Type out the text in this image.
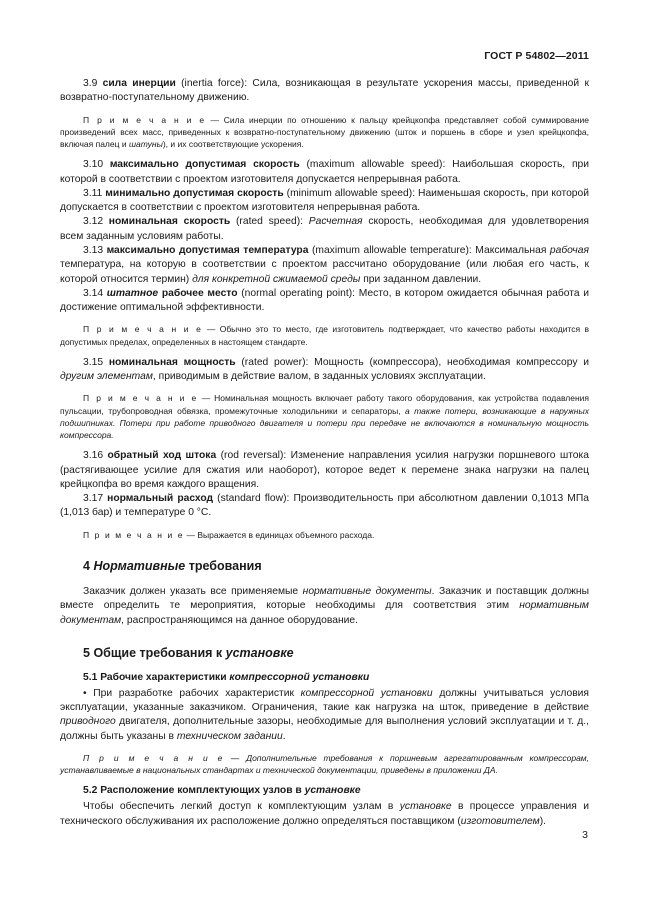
ГОСТ Р 54802—2011

3.9 сила инерции (inertia force): Сила, возникающая в результате ускорения массы, приведенной к возвратно-поступательному движению.

П р и м е ч а н и е — Сила инерции по отношению к пальцу крейцкопфа представляет собой суммирование произведений всех масс, приведенных к возвратно-поступательному движению (шток и поршень в сборе и узел крейцкопфа, включая палец и шатуны), и их соответствующие ускорения.

3.10 максимально допустимая скорость (maximum allowable speed): Наибольшая скорость, при которой в соответствии с проектом изготовителя допускается непрерывная работа.

3.11 минимально допустимая скорость (minimum allowable speed): Наименьшая скорость, при которой допускается в соответствии с проектом изготовителя непрерывная работа.

3.12 номинальная скорость (rated speed): Расчетная скорость, необходимая для удовлетворения всем заданным условиям работы.

3.13 максимально допустимая температура (maximum allowable temperature): Максимальная рабочая температура, на которую в соответствии с проектом рассчитано оборудование (или любая его часть, к которой относится термин) для конкретной сжимаемой среды при заданном давлении.

3.14 штатное рабочее место (normal operating point): Место, в котором ожидается обычная работа и достижение оптимальной эффективности.

П р и м е ч а н и е — Обычно это то место, где изготовитель подтверждает, что качество работы находится в допустимых пределах, определенных в настоящем стандарте.

3.15 номинальная мощность (rated power): Мощность (компрессора), необходимая компрессору и другим элементам, приводимым в действие валом, в заданных условиях эксплуатации.

П р и м е ч а н и е — Номинальная мощность включает работу такого оборудования, как устройства подавления пульсации, трубопроводная обвязка, промежуточные холодильники и сепараторы, а также потери, возникающие в наружных подшипниках. Потери при работе приводного двигателя и потери при передаче не включаются в номинальную мощность компрессора.

3.16 обратный ход штока (rod reversal): Изменение направления усилия нагрузки поршневого штока (растягивающее усилие для сжатия или наоборот), которое ведет к перемене знака нагрузки на палец крейцкопфа во время каждого вращения.

3.17 нормальный расход (standard flow): Производительность при абсолютном давлении 0,1013 МПа (1,013 бар) и температуре 0 °С.

П р и м е ч а н и е — Выражается в единицах объемного расхода.

4 Нормативные требования

Заказчик должен указать все применяемые нормативные документы. Заказчик и поставщик должны вместе определить те мероприятия, которые необходимы для соответствия этим нормативным документам, распространяющимся на данное оборудование.

5 Общие требования к установке
5.1 Рабочие характеристики компрессорной установки

• При разработке рабочих характеристик компрессорной установки должны учитываться условия эксплуатации, указанные заказчиком. Ограничения, такие как нагрузка на шток, приведение в действие приводного двигателя, дополнительные зазоры, необходимые для выполнения условий эксплуатации и т. д., должны быть указаны в техническом задании.

П р и м е ч а н и е — Дополнительные требования к поршневым агрегатированным компрессорам, устанавливаемые в национальных стандартах и технической документации, приведены в приложении ДА.

5.2 Расположение комплектующих узлов в установке

Чтобы обеспечить легкий доступ к комплектующим узлам в установке в процессе управления и технического обслуживания их расположение должно определяться поставщиком (изготовителем).

3
